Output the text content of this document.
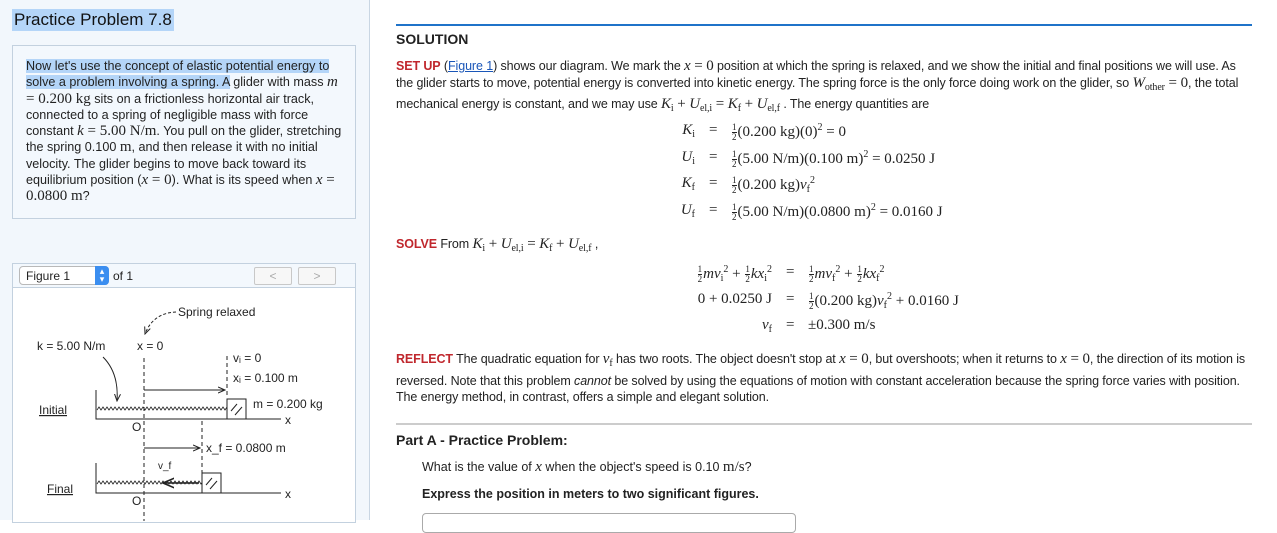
Practice Problem 7.8
Now let's use the concept of elastic potential energy to solve a problem involving a spring. A glider with mass m = 0.200 kg sits on a frictionless horizontal air track, connected to a spring of negligible mass with force constant k = 5.00 N/m. You pull on the glider, stretching the spring 0.100 m, and then release it with no initial velocity. The glider begins to move back toward its equilibrium position (x = 0). What is its speed when x = 0.0800 m?
Figure 1	▴
▾ of 1	<	>
Spring relaxed
k = 5.00 N/m	x = 0
vᵢ = 0
xᵢ = 0.100 m
Initial	m = 0.200 kg
x
O
x_f = 0.0800 m
v_f
Final	x
O
SOLUTION
SET UP (Figure 1) shows our diagram. We mark the x = 0 position at which the spring is relaxed, and we show the initial and final positions we will use. As the glider starts to move, potential energy is converted into kinetic energy. The spring force is the only force doing work on the glider, so $W_{other} = 0$, the total mechanical energy is constant, and we may use $K_i + U_{el,i} = K_f + U_{el,f}$ . The energy quantities are
$K_i = \frac{1}{2} (0.200$ $kg)(0)^2 = 0$
$U_i = \frac{1}{2} (5.00$ N/m)(0.100 m)$^2$ = 0.0250 J
$K_f = \frac{1}{2} (0.200$ $kg)v_f^2$
$U_f = \frac{1}{2} (5.00$ N/m)(0.0800 m)$^2$ = 0.0160 J
SOLVE From $K_i + U_{el,i} = K_f + U_{el,f}$ ,
$\frac{1}{2} mv_i^2 + \frac{1}{2} kx_i^2 = \frac{1}{2} mv_f^2 + \frac{1}{2} kx_f^2$
0 + 0.0250 $J = \frac{1}{2} (0.200$ $kg)v_f^2 + 0.0160$ J
$v_f = \pm 0.300$ m/s
REFLECT The quadratic equation for $v_f$ has two roots. The object doesn't stop at x = 0, but overshoots; when it returns to x = 0, the direction of its motion is reversed. Note that this problem cannot be solved by using the equations of motion with constant acceleration because the spring force varies with position. The energy method, in contrast, offers a simple and elegant solution.
Part A - Practice Problem:
What is the value of x when the object's speed is 0.10 m/s?
Express the position in meters to two significant figures.
